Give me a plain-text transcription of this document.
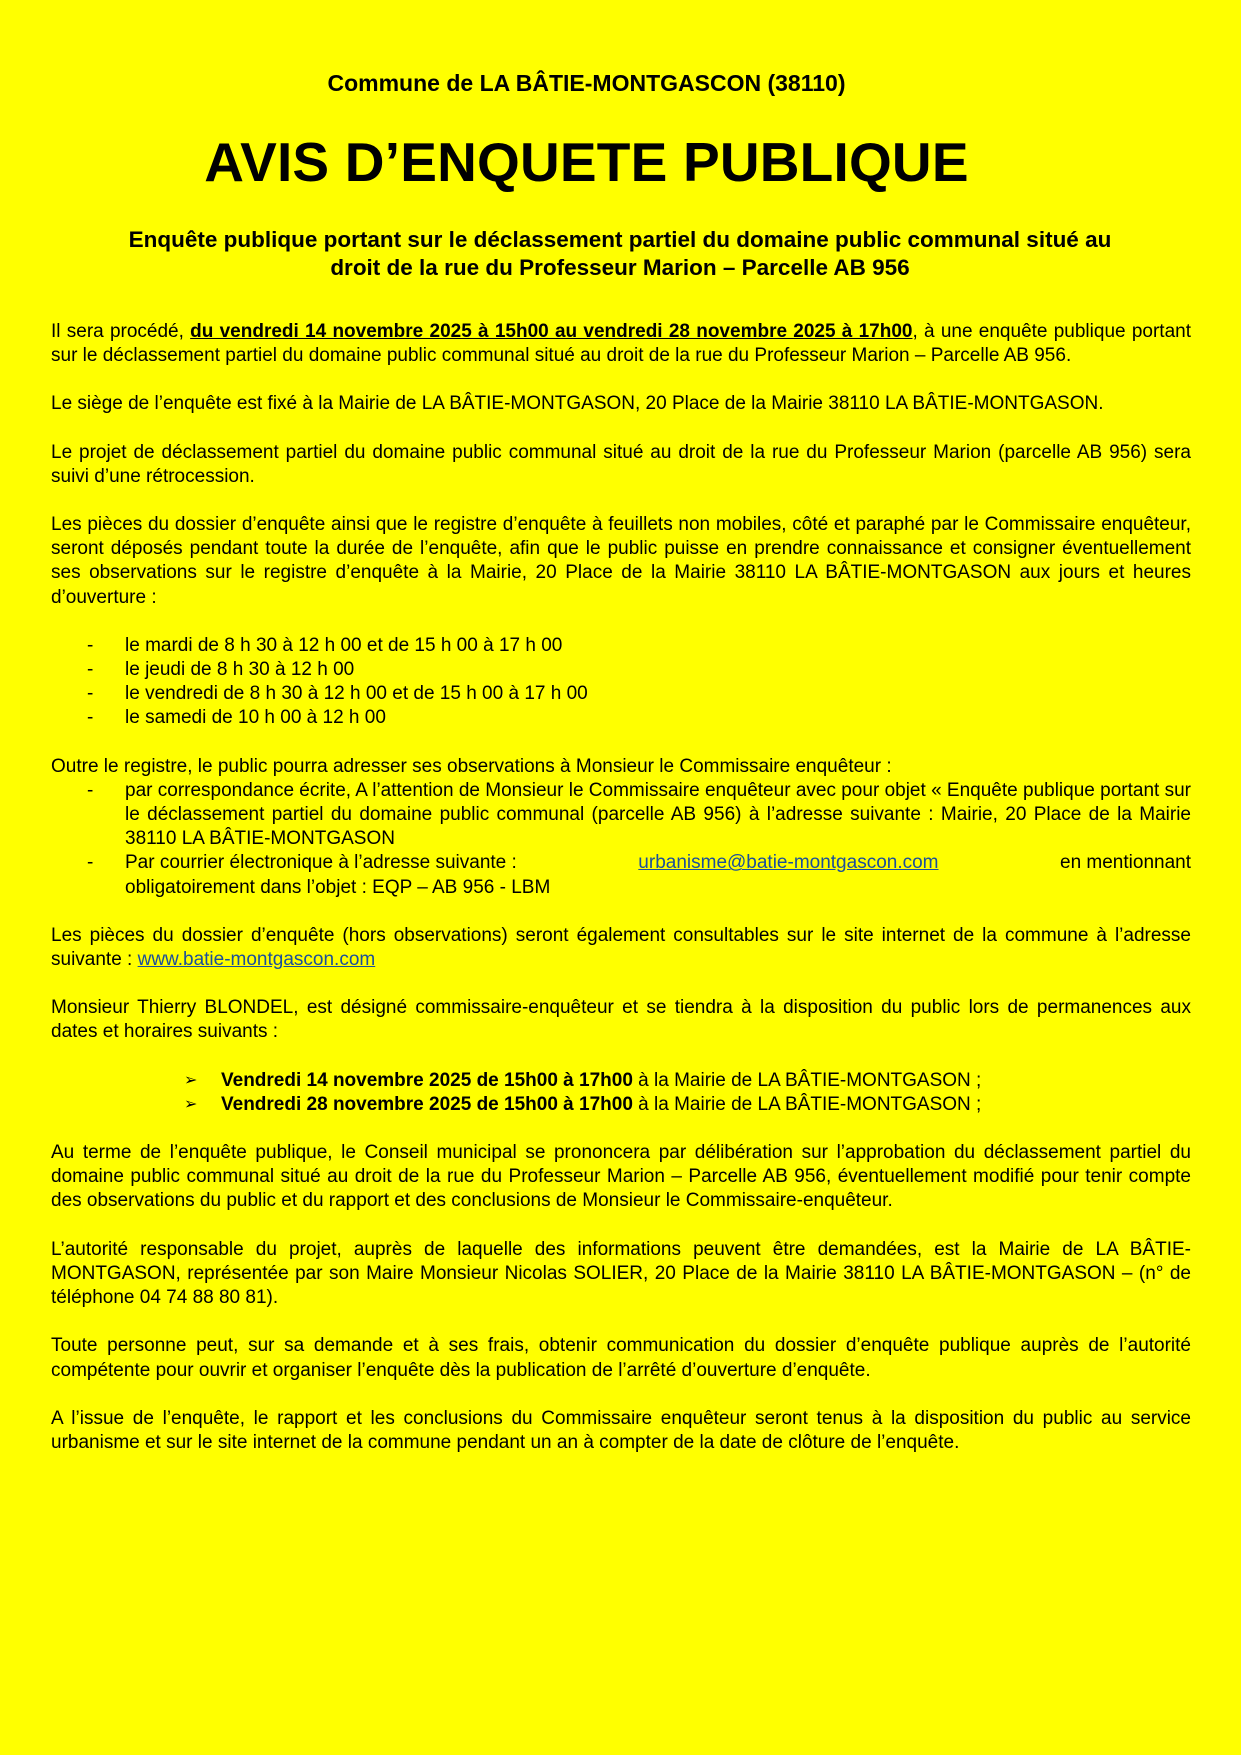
Commune de LA BÂTIE-MONTGASCON (38110)
AVIS D’ENQUETE PUBLIQUE
Enquête publique portant sur le déclassement partiel du domaine public communal situé au
droit de la rue du Professeur Marion – Parcelle AB 956

Il sera procédé, du vendredi 14 novembre 2025 à 15h00 au vendredi 28 novembre 2025 à 17h00, à une enquête publique portant sur le déclassement partiel du domaine public communal situé au droit de la rue du Professeur Marion – Parcelle AB 956.

Le siège de l’enquête est fixé à la Mairie de LA BÂTIE-MONTGASON, 20 Place de la Mairie 38110 LA BÂTIE-MONTGASON.

Le projet de déclassement partiel du domaine public communal situé au droit de la rue du Professeur Marion (parcelle AB 956) sera suivi d’une rétrocession.

Les pièces du dossier d’enquête ainsi que le registre d’enquête à feuillets non mobiles, côté et paraphé par le Commissaire enquêteur, seront déposés pendant toute la durée de l’enquête, afin que le public puisse en prendre connaissance et consigner éventuellement ses observations sur le registre d’enquête à la Mairie, 20 Place de la Mairie 38110 LA BÂTIE-MONTGASON aux jours et heures d’ouverture :

- le mardi de 8 h 30 à 12 h 00 et de 15 h 00 à 17 h 00
- le jeudi de 8 h 30 à 12 h 00
- le vendredi de 8 h 30 à 12 h 00 et de 15 h 00 à 17 h 00
- le samedi de 10 h 00 à 12 h 00

Outre le registre, le public pourra adresser ses observations à Monsieur le Commissaire enquêteur :

- par correspondance écrite, A l’attention de Monsieur le Commissaire enquêteur avec pour objet « Enquête publique portant sur le déclassement partiel du domaine public communal (parcelle AB 956) à l’adresse suivante : Mairie, 20 Place de la Mairie 38110 LA BÂTIE-MONTGASON
- Par courrier électronique à l’adresse suivante :	urbanisme@batie-montgascon.com	en mentionnant
obligatoirement dans l’objet : EQP – AB 956 - LBM

Les pièces du dossier d’enquête (hors observations) seront également consultables sur le site internet de la commune à l’adresse suivante : www.batie-montgascon.com

Monsieur Thierry BLONDEL, est désigné commissaire-enquêteur et se tiendra à la disposition du public lors de permanences aux dates et horaires suivants :

➢ Vendredi 14 novembre 2025 de 15h00 à 17h00 à la Mairie de LA BÂTIE-MONTGASON ;
➢ Vendredi 28 novembre 2025 de 15h00 à 17h00 à la Mairie de LA BÂTIE-MONTGASON ;

Au terme de l’enquête publique, le Conseil municipal se prononcera par délibération sur l’approbation du déclassement partiel du domaine public communal situé au droit de la rue du Professeur Marion – Parcelle AB 956, éventuellement modifié pour tenir compte des observations du public et du rapport et des conclusions de Monsieur le Commissaire-enquêteur.

L’autorité responsable du projet, auprès de laquelle des informations peuvent être demandées, est la Mairie de LA BÂTIE-MONTGASON, représentée par son Maire Monsieur Nicolas SOLIER, 20 Place de la Mairie 38110 LA BÂTIE-MONTGASON – (n° de téléphone 04 74 88 80 81).

Toute personne peut, sur sa demande et à ses frais, obtenir communication du dossier d’enquête publique auprès de l’autorité compétente pour ouvrir et organiser l’enquête dès la publication de l’arrêté d’ouverture d’enquête.

A l’issue de l’enquête, le rapport et les conclusions du Commissaire enquêteur seront tenus à la disposition du public au service urbanisme et sur le site internet de la commune pendant un an à compter de la date de clôture de l’enquête.
